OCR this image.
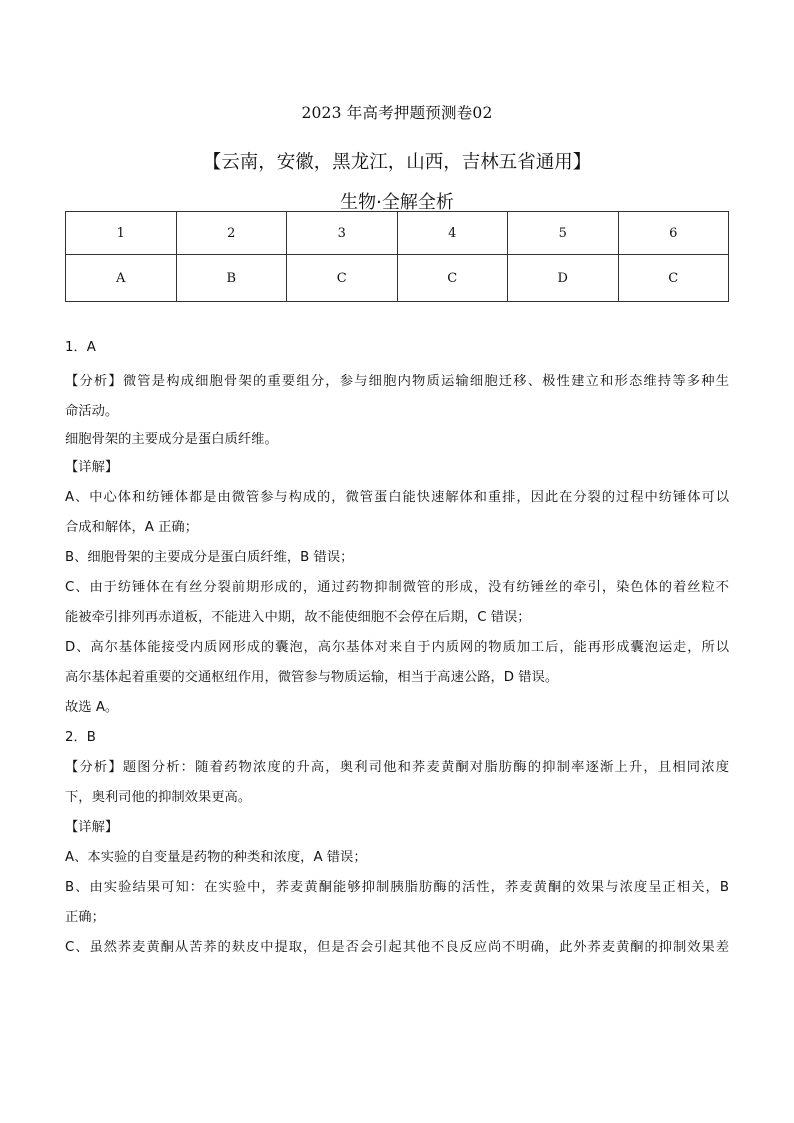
2023 年高考押题预测卷02
【云南，安徽，黑龙江，山西，吉林五省通用】
生物·全解全析
1	2	3	4	5	6
A	B	C	C	D	C
1．A
【分析】微管是构成细胞骨架的重要组分，参与细胞内物质运输细胞迁移、极性建立和形态维持等多种生
命活动。
细胞骨架的主要成分是蛋白质纤维。
【详解】
A、中心体和纺锤体都是由微管参与构成的，微管蛋白能快速解体和重排，因此在分裂的过程中纺锤体可以
合成和解体，A 正确；
B、细胞骨架的主要成分是蛋白质纤维，B 错误；
C、由于纺锤体在有丝分裂前期形成的，通过药物抑制微管的形成，没有纺锤丝的牵引，染色体的着丝粒不
能被牵引排列再赤道板，不能进入中期，故不能使细胞不会停在后期，C 错误；
D、高尔基体能接受内质网形成的囊泡，高尔基体对来自于内质网的物质加工后，能再形成囊泡运走，所以
高尔基体起着重要的交通枢纽作用，微管参与物质运输，相当于高速公路，D 错误。
故选 A。
2．B
【分析】题图分析：随着药物浓度的升高，奥利司他和荞麦黄酮对脂肪酶的抑制率逐渐上升，且相同浓度
下，奥利司他的抑制效果更高。
【详解】
A、本实验的自变量是药物的种类和浓度，A 错误；
B、由实验结果可知：在实验中，荞麦黄酮能够抑制胰脂肪酶的活性，荞麦黄酮的效果与浓度呈正相关，B
正确；
C、虽然荞麦黄酮从苦荞的麸皮中提取，但是否会引起其他不良反应尚不明确，此外荞麦黄酮的抑制效果差
